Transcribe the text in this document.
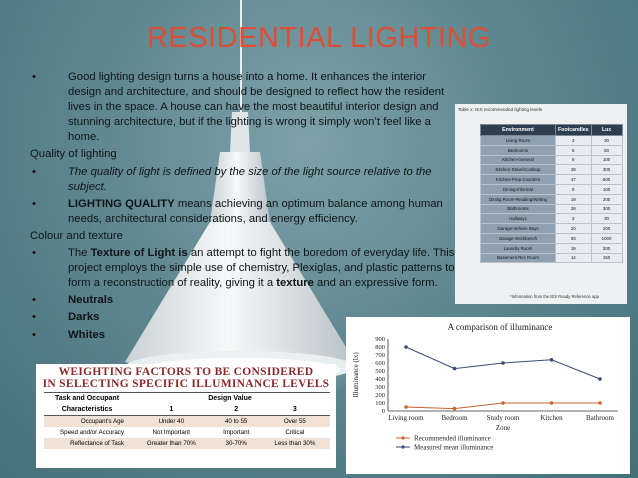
RESIDENTIAL LIGHTING
•	Good lighting design turns a house into a home. It enhances the interior design and architecture, and should be designed to reflect how the resident lives in the space. A house can have the most beautiful interior design and stunning architecture, but if the lighting is wrong it simply won’t feel like a home.
Quality of lighting
•	The quality of light is defined by the size of the light source relative to the subject.
•	LIGHTING QUALITY means achieving an optimum balance among human needs, architectural considerations, and energy efficiency.
Colour and texture
•	The Texture of Light is an attempt to fight the boredom of everyday life. This project employs the simple use of chemistry, Plexiglas, and plastic patterns to form a reconstruction of reality, giving it a texture and an expressive form.
•	Neutrals
•	Darks
•	Whites
Table x: IES recommended lighting levels
Environment	Footcandles	Lux
Living Room	3	30
Bedrooms	5	50
Kitchen-General	9	100
Kitchen-Stove/Cooktop	28	300
Kitchen-Prep Counters	47	500
Dining-Informal	9	100
Dining Room-Reading/Writing	19	200
Bathrooms	28	300
Hallways	3	30
Garage-Vehicle Bays	20	200
Garage-Workbench	93	1000
Laundry Room	19	200
Basement Rec Room	14	150
*Information from the IES Ready Reference app
A comparison of illuminance
0
100
200
300
400
500
600
700
800
900
Illuminance (lx)
Living room	Bedroom	Study room	Kitchen	Bathroom
Zone
Recommended illuminance
Measured mean illuminance
WEIGHTING FACTORS TO BE CONSIDERED
IN SELECTING SPECIFIC ILLUMINANCE LEVELS
Task and Occupant	Design Value		
Characteristics	1	2	3
Occupant's Age	Under 40	40 to 55	Over 55
Speed and/or Accuracy	Not Important	Important	Critical
Reflectance of Task	Greater than 70%	30-70%	Less than 30%
